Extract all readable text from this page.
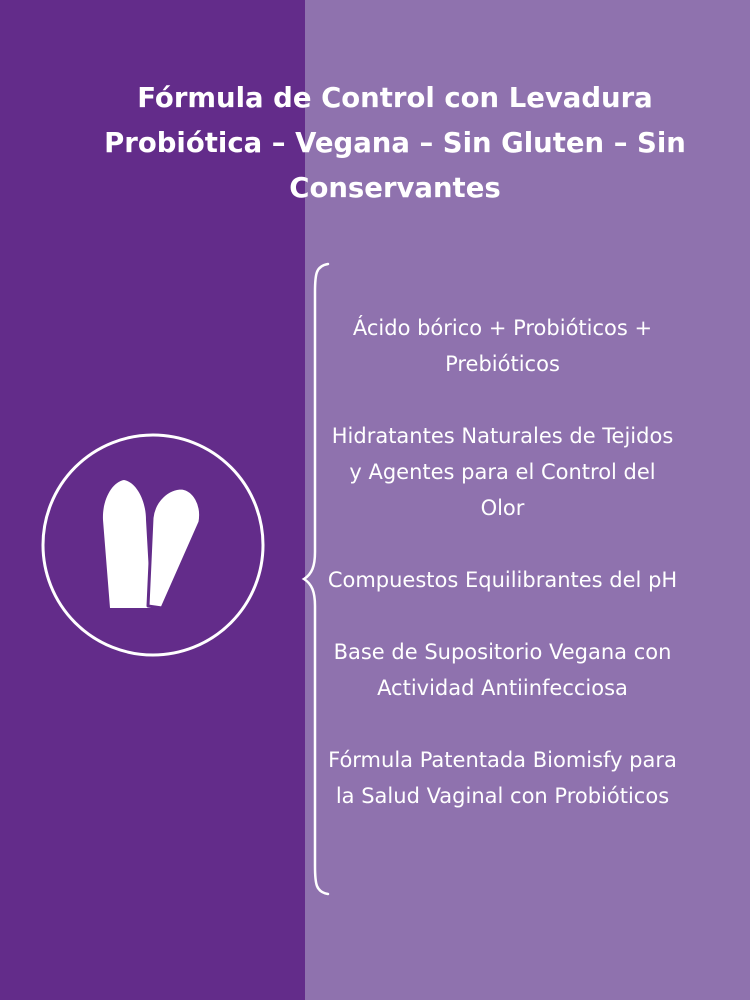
Fórmula de Control con Levadura Probiótica – Vegana – Sin Gluten – Sin Conservantes

Ácido bórico + Probióticos + Prebióticos

Hidratantes Naturales de Tejidos y Agentes para el Control del Olor

Compuestos Equilibrantes del pH

Base de Supositorio Vegana con Actividad Antiinfecciosa

Fórmula Patentada Biomisfy para la Salud Vaginal con Probióticos
